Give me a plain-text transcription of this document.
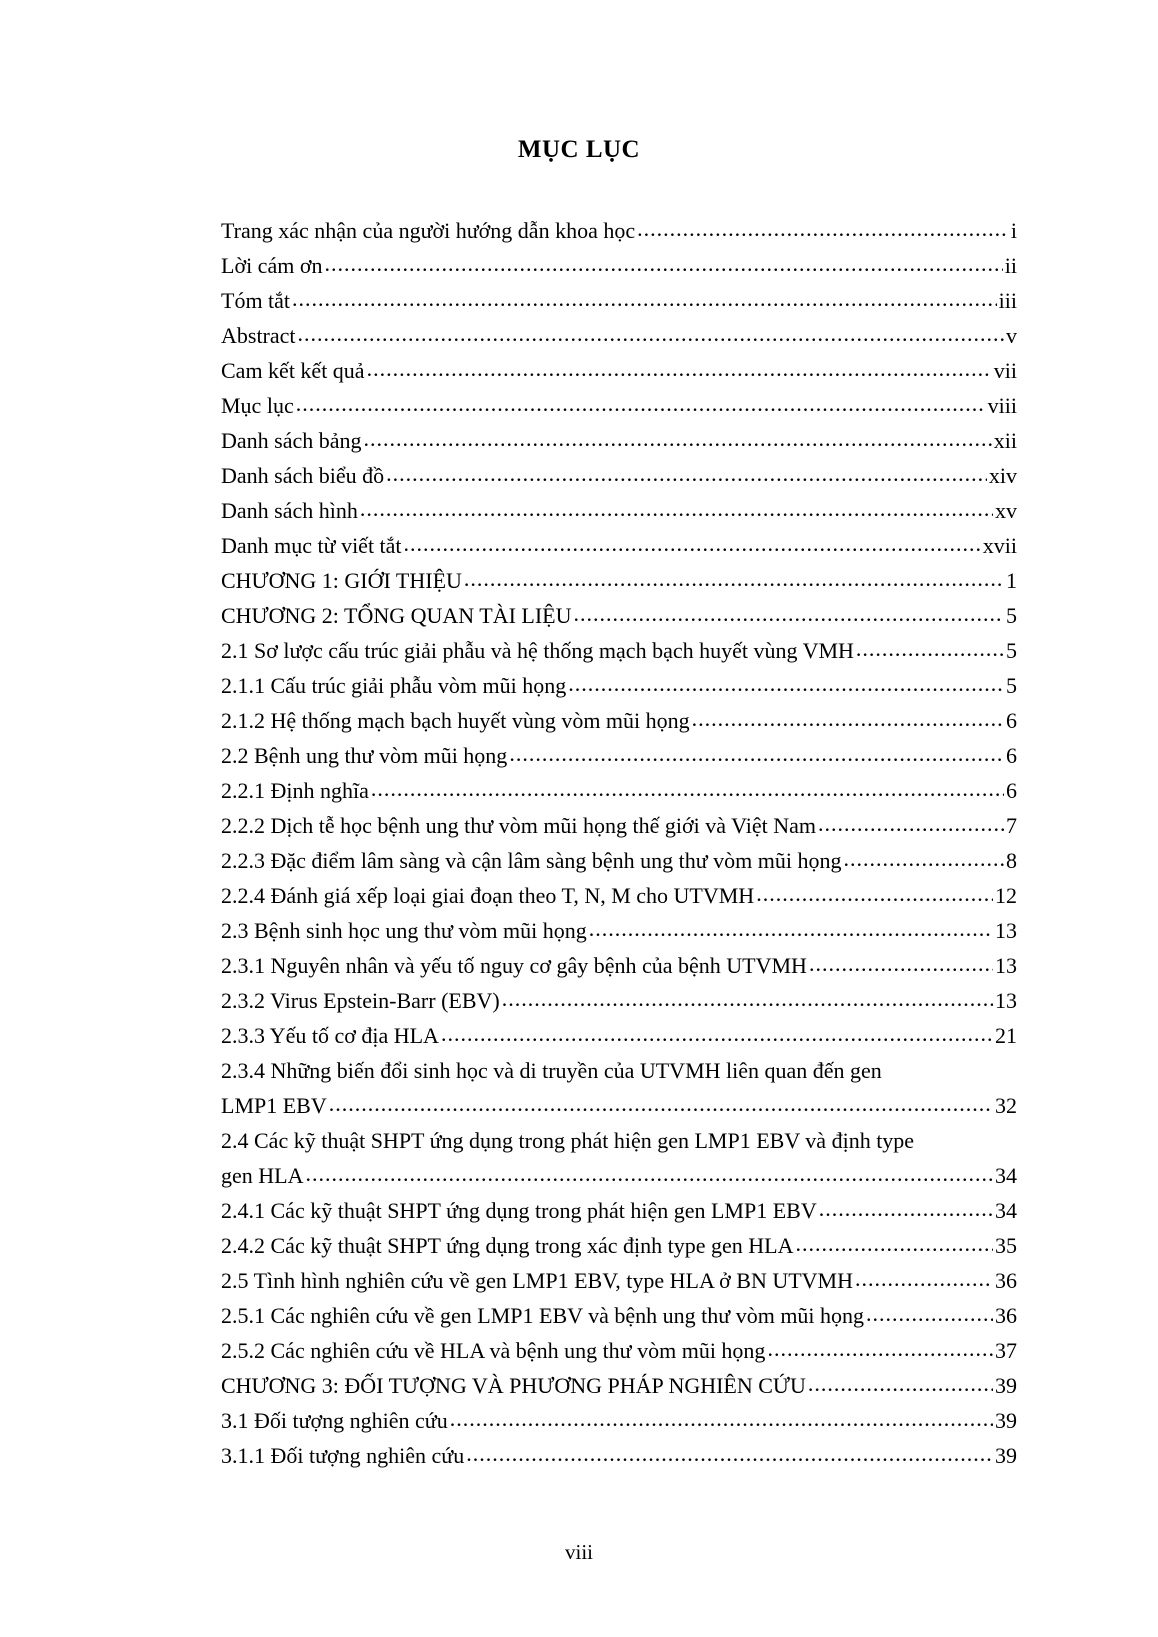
MỤC LỤC
Trang xác nhận của người hướng dẫn khoa học .....	i
Lời cám ơn .....	ii
Tóm tắt .....	iii
Abstract .....	v
Cam kết kết quả .....	vii
Mục lục .....	viii
Danh sách bảng .....	xii
Danh sách biểu đồ .....	xiv
Danh sách hình .....	xv
Danh mục từ viết tắt .....	xvii
CHƯƠNG 1: GIỚI THIỆU .....	1
CHƯƠNG 2: TỔNG QUAN TÀI LIỆU .....	5
2.1 Sơ lược cấu trúc giải phẫu và hệ thống mạch bạch huyết vùng VMH .....	5
2.1.1 Cấu trúc giải phẫu vòm mũi họng .....	5
2.1.2 Hệ thống mạch bạch huyết vùng vòm mũi họng .....	6
2.2 Bệnh ung thư vòm mũi họng .....	6
2.2.1 Định nghĩa .....	6
2.2.2 Dịch tễ học bệnh ung thư vòm mũi họng thế giới và Việt Nam .....	7
2.2.3 Đặc điểm lâm sàng và cận lâm sàng bệnh ung thư vòm mũi họng .....	8
2.2.4 Đánh giá xếp loại giai đoạn theo T, N, M cho UTVMH .....	12
2.3 Bệnh sinh học ung thư vòm mũi họng .....	13
2.3.1 Nguyên nhân và yếu tố nguy cơ gây bệnh của bệnh UTVMH .....	13
2.3.2 Virus Epstein-Barr (EBV) .....	13
2.3.3 Yếu tố cơ địa HLA .....	21
2.3.4 Những biến đổi sinh học và di truyền của UTVMH liên quan đến gen
LMP1 EBV .....	32
2.4 Các kỹ thuật SHPT ứng dụng trong phát hiện gen LMP1 EBV và định type
gen HLA .....	34
2.4.1 Các kỹ thuật SHPT ứng dụng trong phát hiện gen LMP1 EBV .....	34
2.4.2 Các kỹ thuật SHPT ứng dụng trong xác định type gen HLA .....	35
2.5 Tình hình nghiên cứu về gen LMP1 EBV, type HLA ở BN UTVMH .....	36
2.5.1 Các nghiên cứu về gen LMP1 EBV và bệnh ung thư vòm mũi họng .....	36
2.5.2 Các nghiên cứu về HLA và bệnh ung thư vòm mũi họng .....	37
CHƯƠNG 3: ĐỐI TƯỢNG VÀ PHƯƠNG PHÁP NGHIÊN CỨU .....	39
3.1 Đối tượng nghiên cứu .....	39
3.1.1 Đối tượng nghiên cứu .....	39
viii
